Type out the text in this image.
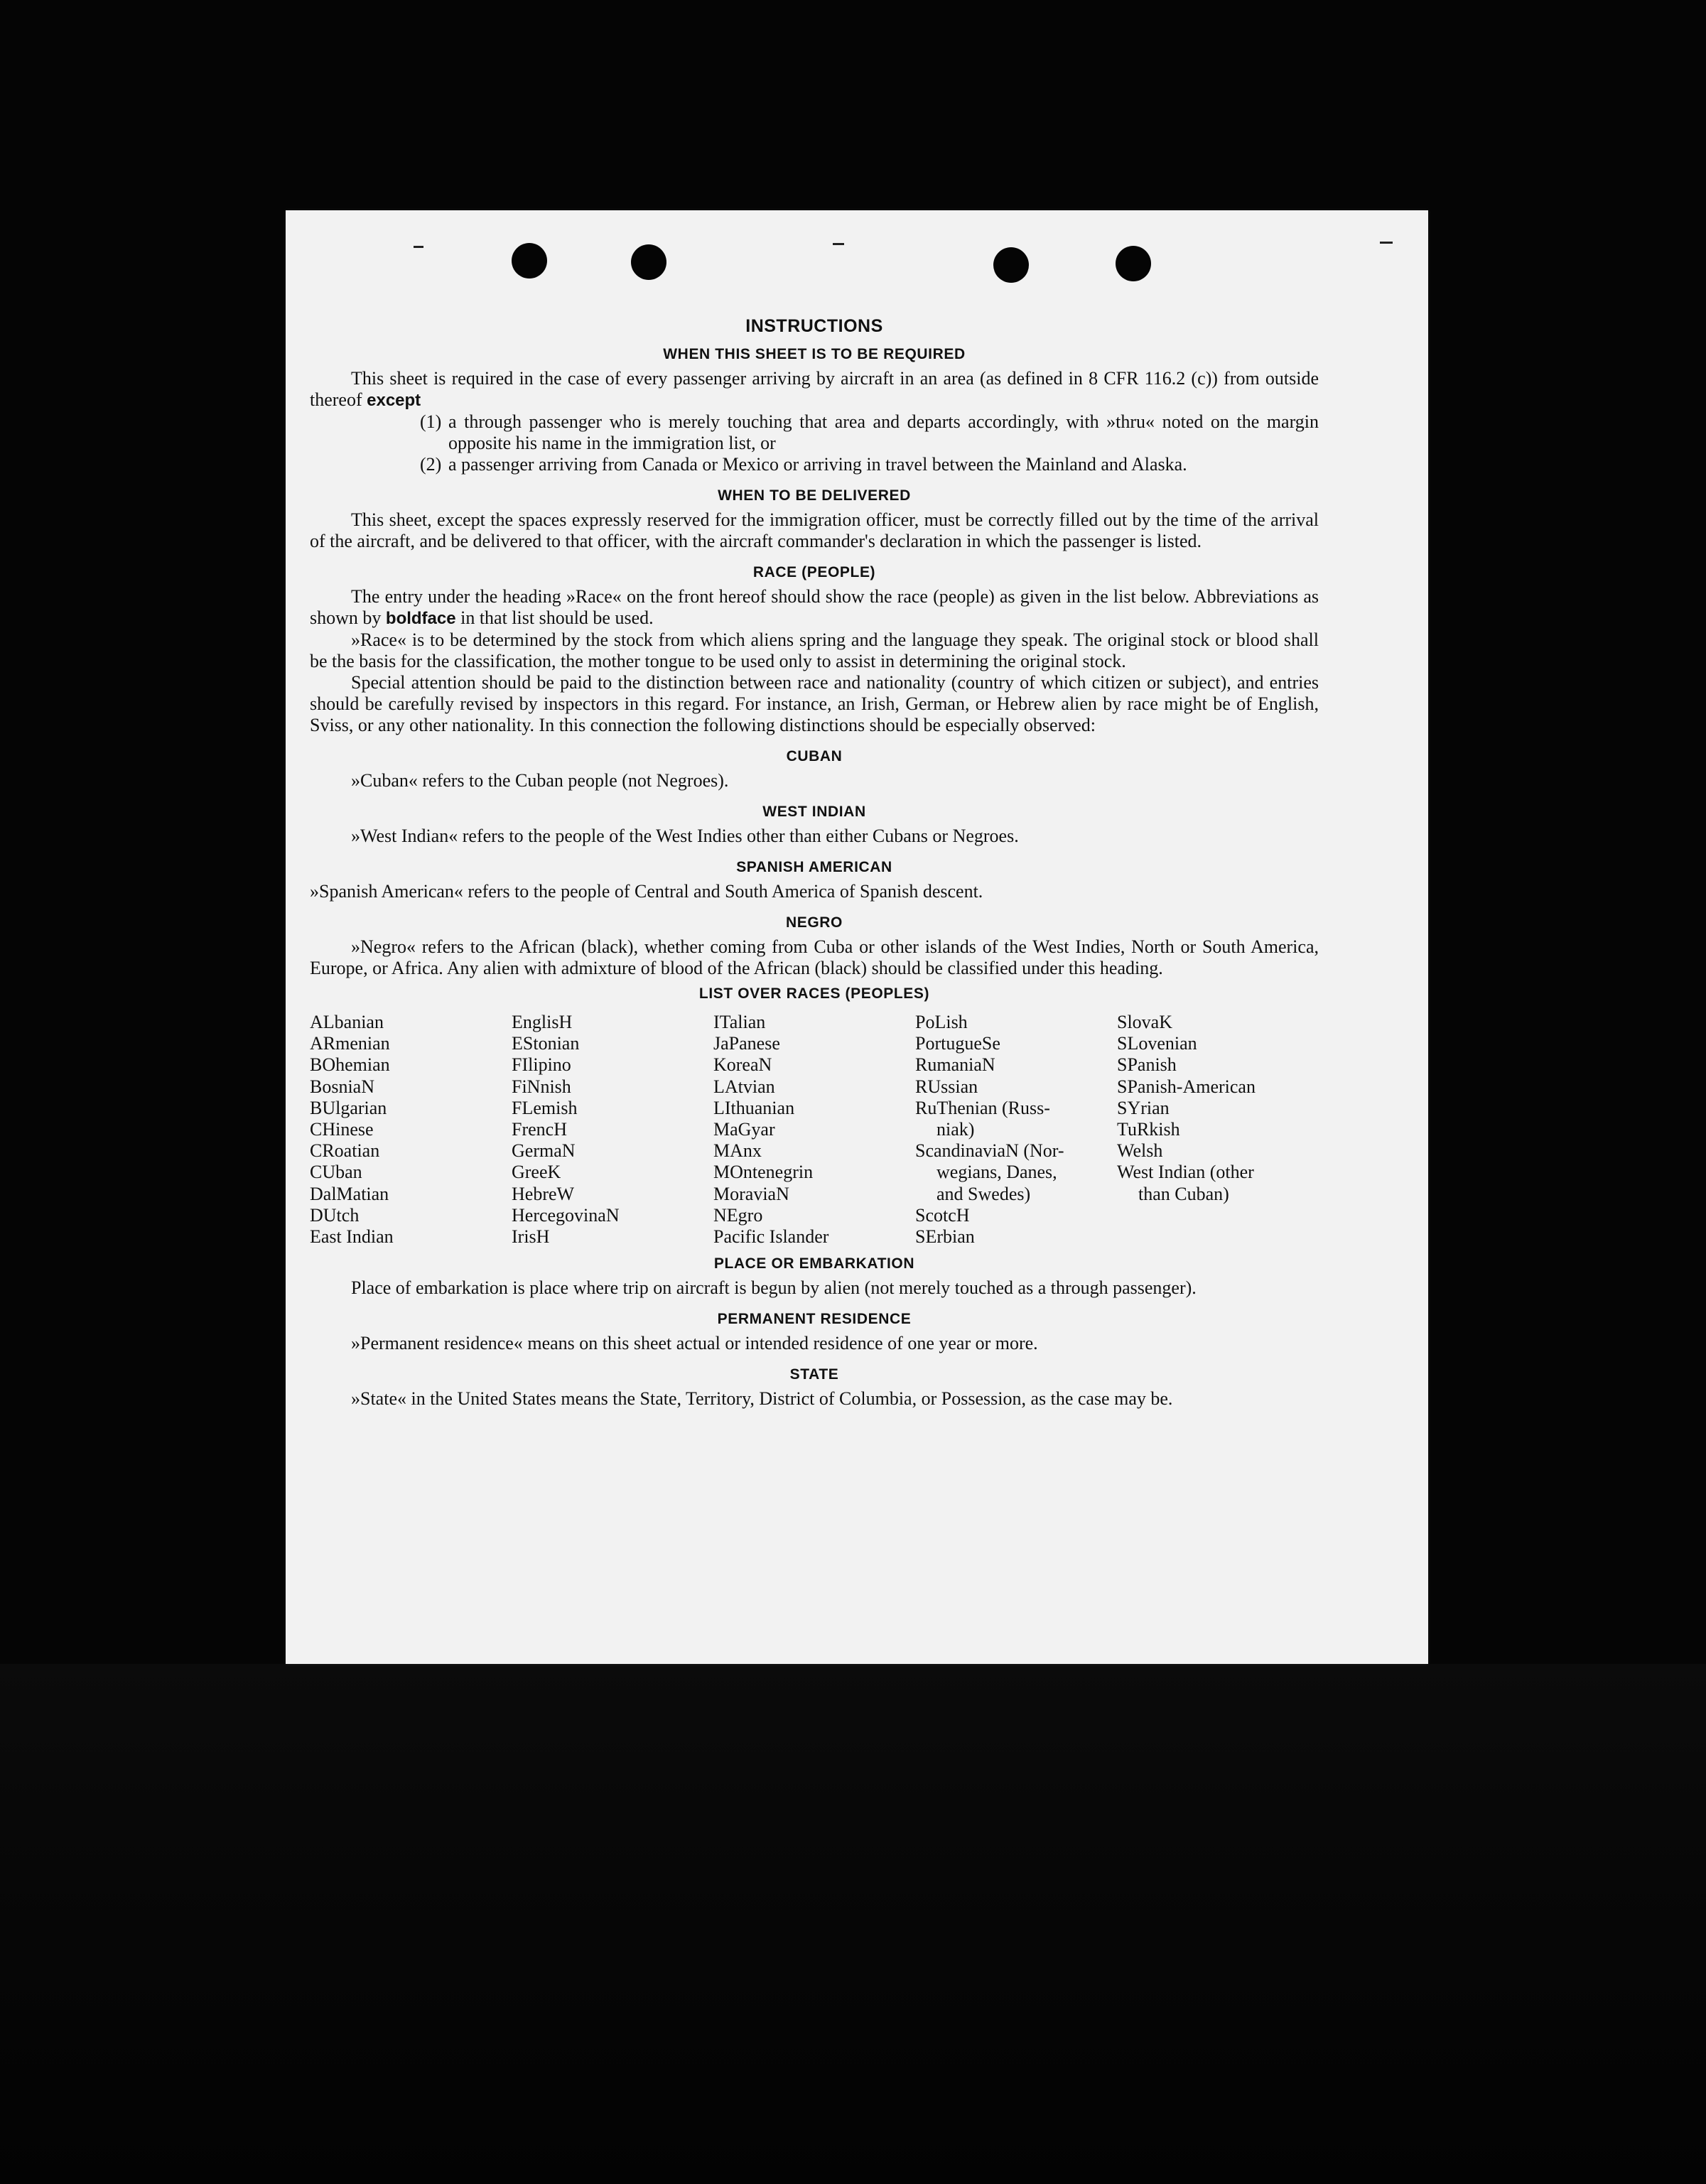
INSTRUCTIONS
WHEN THIS SHEET IS TO BE REQUIRED

This sheet is required in the case of every passenger arriving by aircraft in an area (as defined in 8 CFR 116.2 (c)) from outside thereof except

(1) a through passenger who is merely touching that area and departs accordingly, with »thru« noted on the margin opposite his name in the immigration list, or

(2) a passenger arriving from Canada or Mexico or arriving in travel between the Mainland and Alaska.

WHEN TO BE DELIVERED

This sheet, except the spaces expressly reserved for the immigration officer, must be correctly filled out by the time of the arrival of the aircraft, and be delivered to that officer, with the aircraft commander's declaration in which the passenger is listed.

RACE (PEOPLE)

The entry under the heading »Race« on the front hereof should show the race (people) as given in the list below. Abbreviations as shown by boldface in that list should be used.

»Race« is to be determined by the stock from which aliens spring and the language they speak. The original stock or blood shall be the basis for the classification, the mother tongue to be used only to assist in determining the original stock.

Special attention should be paid to the distinction between race and nationality (country of which citizen or subject), and entries should be carefully revised by inspectors in this regard. For instance, an Irish, German, or Hebrew alien by race might be of English, Sviss, or any other nationality. In this connection the following distinctions should be especially observed:

CUBAN

»Cuban« refers to the Cuban people (not Negroes).

WEST INDIAN

»West Indian« refers to the people of the West Indies other than either Cubans or Negroes.

SPANISH AMERICAN

»Spanish American« refers to the people of Central and South America of Spanish descent.

NEGRO

»Negro« refers to the African (black), whether coming from Cuba or other islands of the West Indies, North or South America, Europe, or Africa. Any alien with admixture of blood of the African (black) should be classified under this heading.

LIST OVER RACES (PEOPLES)
ALbanian
ARmenian
BOhemian
BosniaN
BUlgarian
CHinese
CRoatian
CUban
DalMatian
DUtch
East Indian
EnglisH
EStonian
FIlipino
FiNnish
FLemish
FrencH
GermaN
GreeK
HebreW
HercegovinaN
IrisH
ITalian
JaPanese
KoreaN
LAtvian
LIthuanian
MaGyar
MAnx
MOntenegrin
MoraviaN
NEgro
Pacific Islander
PoLish
PortugueSe
RumaniaN
RUssian
RuThenian (Russ-
niak)
ScandinaviaN (Nor-
wegians, Danes,
and Swedes)
ScotcH
SErbian
SlovaK
SLovenian
SPanish
SPanish-American
SYrian
TuRkish
Welsh
West Indian (other
than Cuban)
PLACE OR EMBARKATION

Place of embarkation is place where trip on aircraft is begun by alien (not merely touched as a through passenger).

PERMANENT RESIDENCE

»Permanent residence« means on this sheet actual or intended residence of one year or more.

STATE

»State« in the United States means the State, Territory, District of Columbia, or Possession, as the case may be.
